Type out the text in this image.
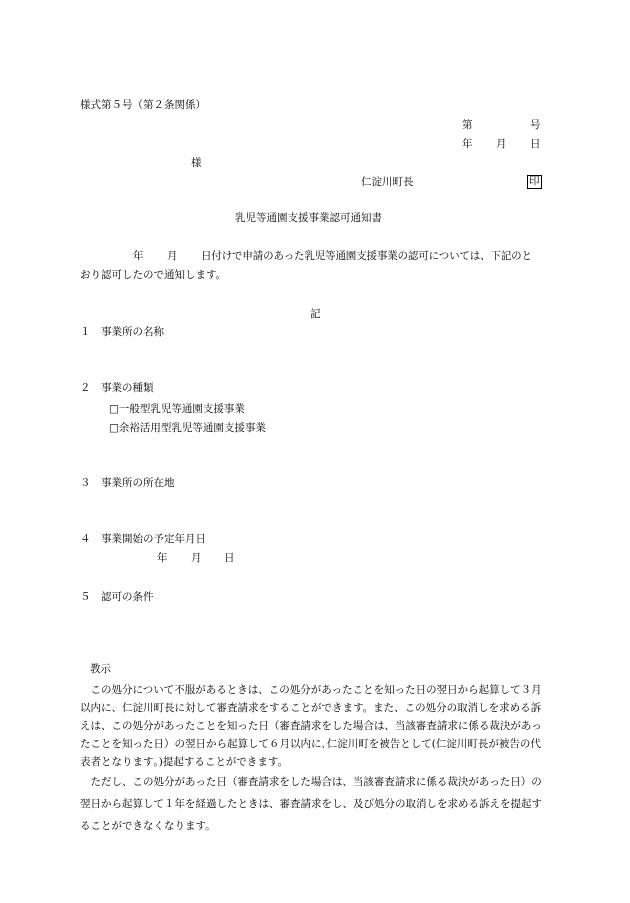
様式第５号（第２条関係）
第	号
年 月 日
様
仁淀川町長	印
乳児等通園支援事業認可通知書
年 月 日付けで申請のあった乳児等通園支援事業の認可については、下記のと
おり認可したので通知します。
記
１ 事業所の名称
２ 事業の種類
□一般型乳児等通園支援事業
□余裕活用型乳児等通園支援事業
３ 事業所の所在地
４ 事業開始の予定年月日
年 月 日
５ 認可の条件
教示

この処分について不服があるときは、この処分があったことを知った日の翌日から起算して３月以内に、仁淀川町長に対して審査請求をすることができます。また、この処分の取消しを求める訴えは、この処分があったことを知った日（審査請求をした場合は、当該審査請求に係る裁決があったことを知った日）の翌日から起算して６月以内に､仁淀川町を被告として(仁淀川町長が被告の代表者となります｡)提起することができます。

ただし、この処分があった日（審査請求をした場合は、当該審査請求に係る裁決があった日）の翌日から起算して１年を経過したときは、審査請求をし、及び処分の取消しを求める訴えを提起することができなくなります。
